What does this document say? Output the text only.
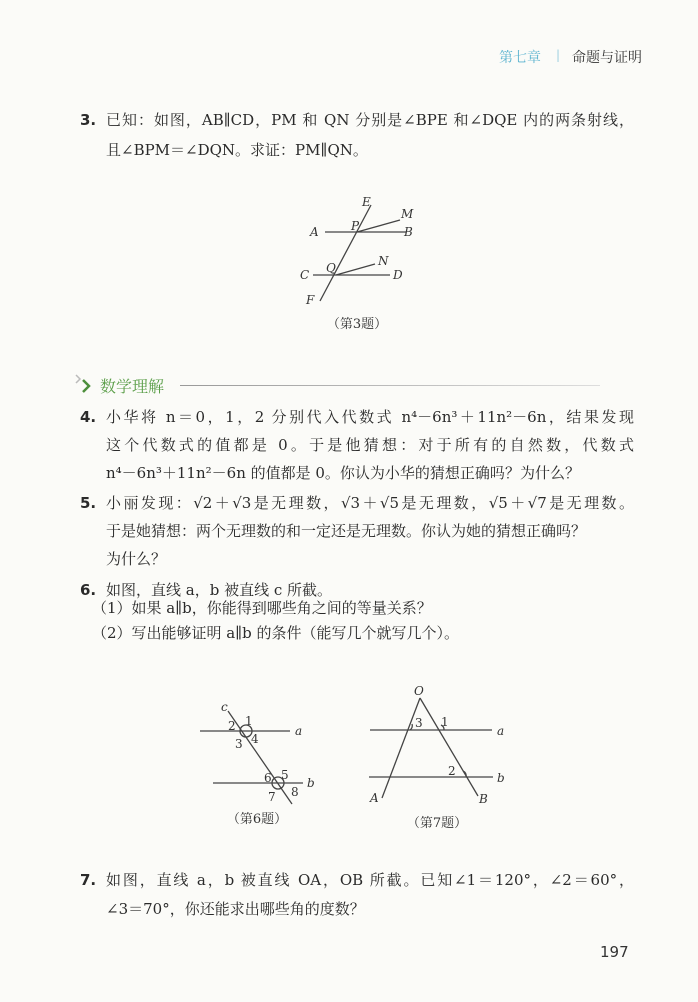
第七章 | 命题与证明
3. 已知：如图，AB∥CD，PM 和 QN 分别是∠BPE 和∠DQE 内的两条射线，
且∠BPM＝∠DQN。求证：PM∥QN。
数学理解
4. 小华将 n＝0，1，2 分别代入代数式 n⁴－6n³＋11n²－6n，结果发现
这个代数式的值都是 0。于是他猜想：对于所有的自然数，代数式
n⁴－6n³＋11n²－6n 的值都是 0。你认为小华的猜想正确吗？为什么？
5. 小丽发现：√2＋√3是无理数，√3＋√5是无理数，√5＋√7是无理数。
于是她猜想：两个无理数的和一定还是无理数。你认为她的猜想正确吗？
为什么？
6. 如图，直线 a，b 被直线 c 所截。
（1）如果 a∥b，你能得到哪些角之间的等量关系？
（2）写出能够证明 a∥b 的条件（能写几个就写几个）。
7. 如图，直线 a，b 被直线 OA，OB 所截。已知∠1＝120°，∠2＝60°，
∠3＝70°，你还能求出哪些角的度数？
197
E
M
A	P	B
C Q	N
D
F
（第3题）
c
a
b
2 1
3 4
6 5
7 8
（第6题）
O
A	B
a
b
3 1
2
（第7题）
